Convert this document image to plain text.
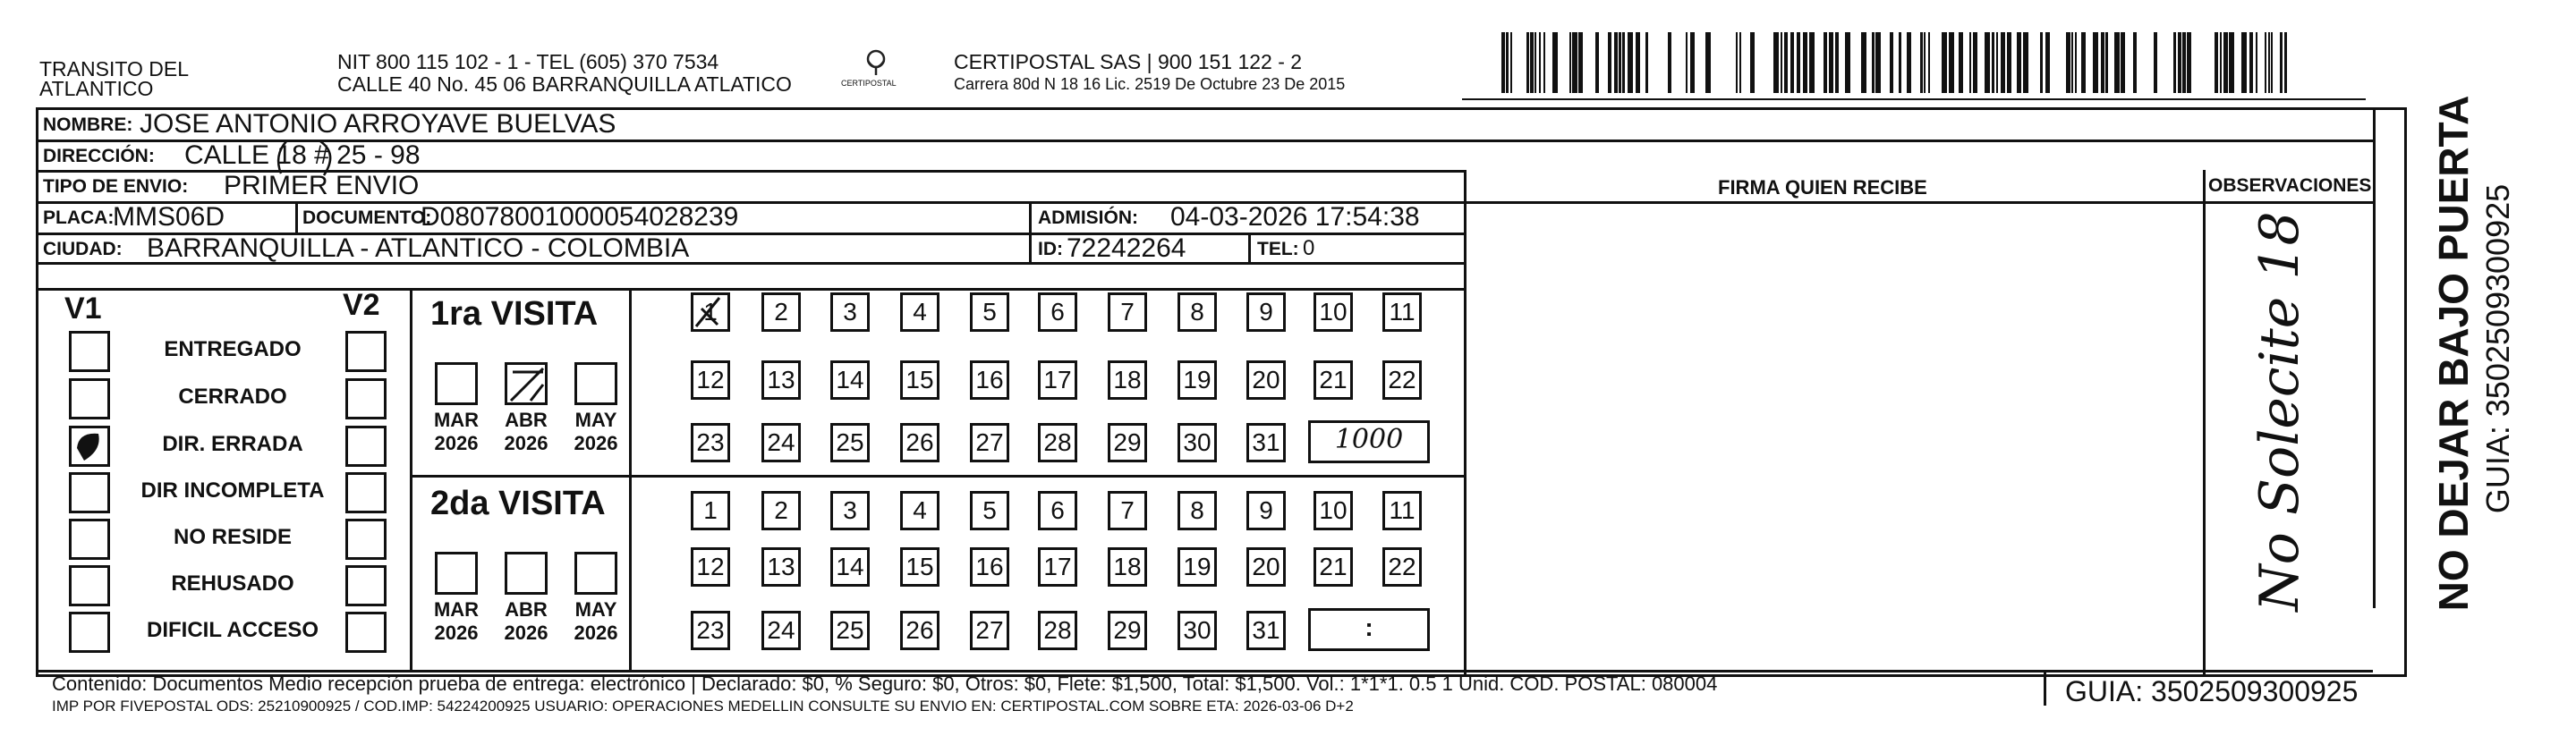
TRANSITO DEL
ATLANTICO
NIT 800 115 102 - 1 - TEL (605) 370 7534
CALLE 40 No. 45 06 BARRANQUILLA ATLATICO	CERTIPOSTAL
CERTIPOSTAL SAS | 900 151 122 - 2
Carrera 80d N 18 16 Lic. 2519 De Octubre 23 De 2015
NOMBRE: JOSE ANTONIO ARROYAVE BUELVAS
DIRECCIÓN: CALLE 18 # 25 - 98
TIPO DE ENVIO: PRIMER ENVIO	FIRMA QUIEN RECIBE	OBSERVACIONES
PLACA:
MMS06D	DOCUMENTO:
D08078001000054028239	ADMISIÓN: 04-03-2026 17:54:38
CIUDAD: BARRANQUILLA - ATLANTICO - COLOMBIA	ID: 72242264	TEL: 0
V1	V2
ENTREGADO
CERRADO
DIR. ERRADA
DIR INCOMPLETA
NO RESIDE
REHUSADO
DIFICIL ACCESO
1ra VISITA
MAR
2026
ABR
2026
MAY
2026
1	2	3	4	5	6	7	8	9	10 11
12 13 14 15 16 17 18 19 20 21 22
23 24 25 26 27 28 29 30 31	1000
2da VISITA
MAR
2026
ABR
2026
MAY
2026
1	2	3	4	5	6	7	8	9	10 11
12 13 14 15 16 17 18 19 20 21 22
23 24 25 26 27 28 29 30 31	:
No Solecite 18
Contenido: Documentos Medio recepción prueba de entrega: electrónico | Declarado: $0, % Seguro: $0, Otros: $0, Flete: $1,500, Total: $1,500. Vol.: 1*1*1. 0.5 1 Unid. COD. POSTAL: 080004
IMP POR FIVEPOSTAL ODS: 25210900925 / COD.IMP: 54224200925 USUARIO: OPERACIONES MEDELLIN CONSULTE SU ENVIO EN: CERTIPOSTAL.COM SOBRE ETA: 2026-03-06 D+2	GUIA: 3502509300925
NO DEJAR BAJO PUERTA GUIA: 3502509300925
